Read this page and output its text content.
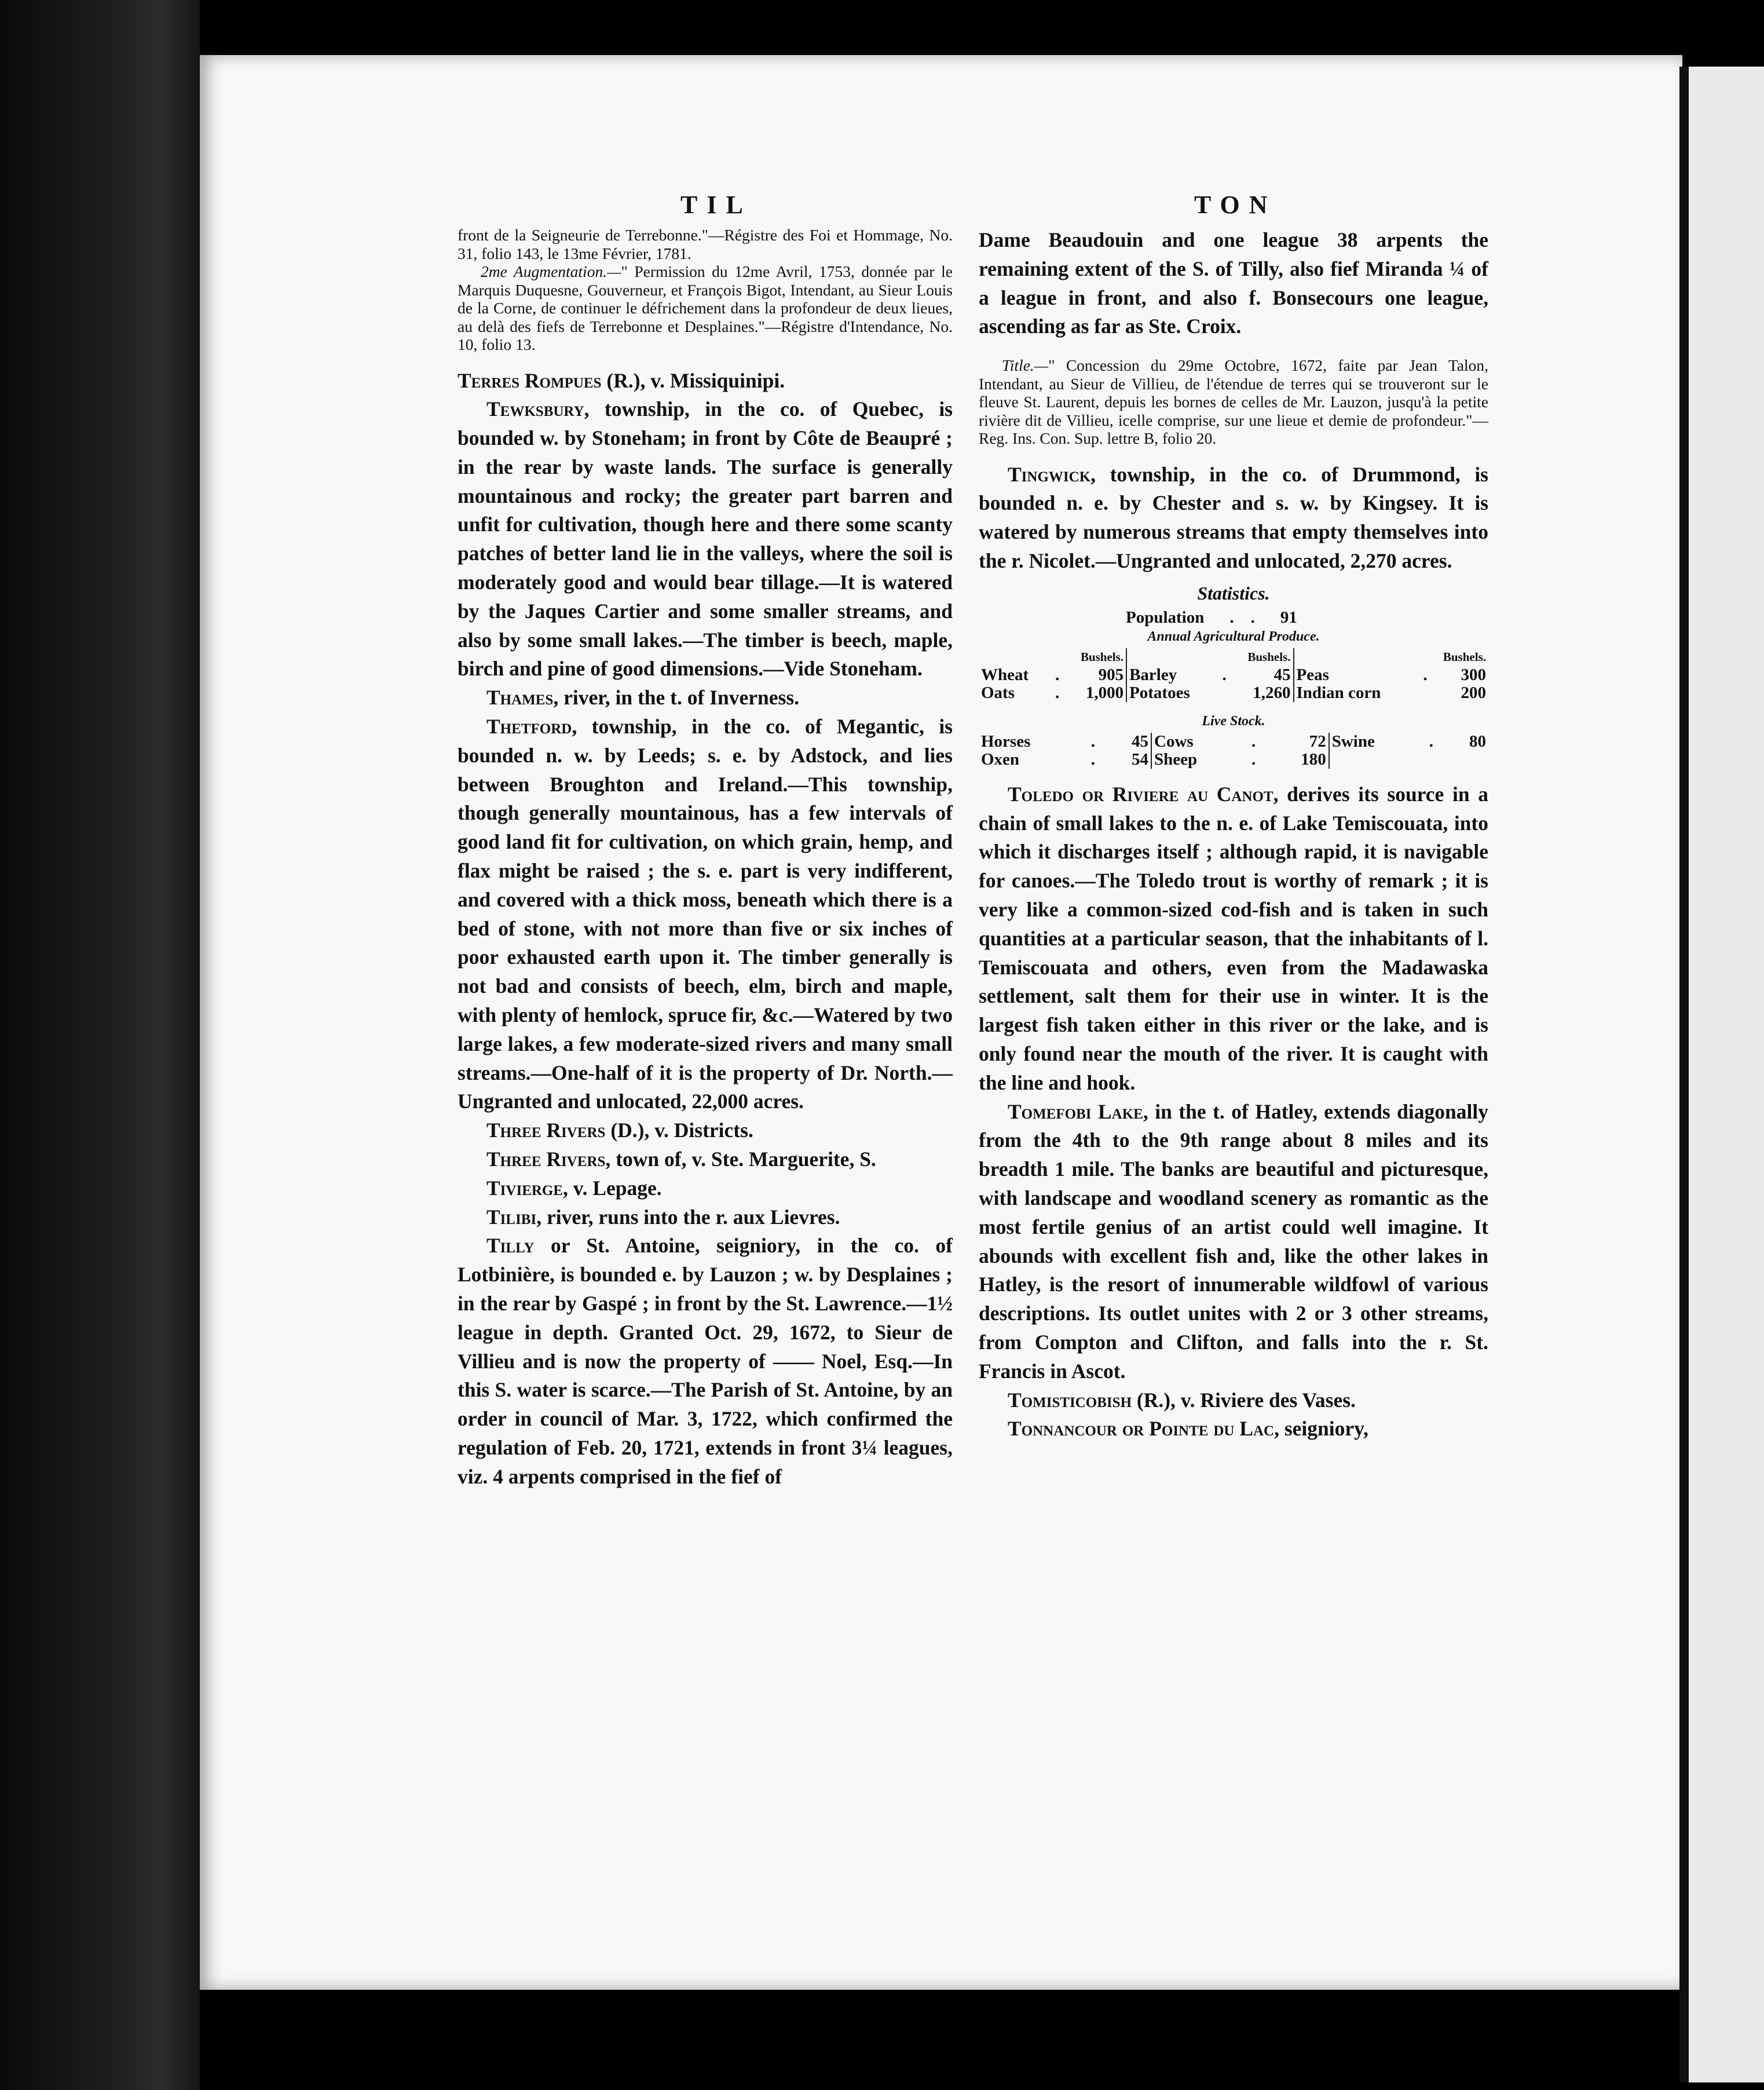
TIL	TON

front de la Seigneurie de Terrebonne."—Régistre des Foi et Hommage, No. 31, folio 143, le 13me Février, 1781.

2me Augmentation.—" Permission du 12me Avril, 1753, donnée par le Marquis Duquesne, Gouverneur, et François Bigot, Intendant, au Sieur Louis de la Corne, de continuer le défrichement dans la profondeur de deux lieues, au delà des fiefs de Terrebonne et Desplaines."—Régistre d'Intendance, No. 10, folio 13.

Terres Rompues (R.), v. Missiquinipi.

Tewksbury, township, in the co. of Quebec, is bounded w. by Stoneham; in front by Côte de Beaupré ; in the rear by waste lands. The surface is generally mountainous and rocky; the greater part barren and unfit for cultivation, though here and there some scanty patches of better land lie in the valleys, where the soil is moderately good and would bear tillage.—It is watered by the Jaques Cartier and some smaller streams, and also by some small lakes.—The timber is beech, maple, birch and pine of good dimensions.—Vide Stoneham.

Thames, river, in the t. of Inverness.

Thetford, township, in the co. of Megantic, is bounded n. w. by Leeds; s. e. by Adstock, and lies between Broughton and Ireland.—This township, though generally mountainous, has a few intervals of good land fit for cultivation, on which grain, hemp, and flax might be raised ; the s. e. part is very indifferent, and covered with a thick moss, beneath which there is a bed of stone, with not more than five or six inches of poor exhausted earth upon it. The timber generally is not bad and consists of beech, elm, birch and maple, with plenty of hemlock, spruce fir, &c.—Watered by two large lakes, a few moderate-sized rivers and many small streams.—One-half of it is the property of Dr. North.—Ungranted and unlocated, 22,000 acres.

Three Rivers (D.), v. Districts.

Three Rivers, town of, v. Ste. Marguerite, S.

Tivierge, v. Lepage.

Tilibi, river, runs into the r. aux Lievres.

Tilly or St. Antoine, seigniory, in the co. of Lotbinière, is bounded e. by Lauzon ; w. by Desplaines ; in the rear by Gaspé ; in front by the St. Lawrence.—1½ league in depth. Granted Oct. 29, 1672, to Sieur de Villieu and is now the property of —— Noel, Esq.—In this S. water is scarce.—The Parish of St. Antoine, by an order in council of Mar. 3, 1722, which confirmed the regulation of Feb. 20, 1721, extends in front 3¼ leagues, viz. 4 arpents comprised in the fief of

Dame Beaudouin and one league 38 arpents the remaining extent of the S. of Tilly, also fief Miranda ¼ of a league in front, and also f. Bonsecours one league, ascending as far as Ste. Croix.

Title.—" Concession du 29me Octobre, 1672, faite par Jean Talon, Intendant, au Sieur de Villieu, de l'étendue de terres qui se trouveront sur le fleuve St. Laurent, depuis les bornes de celles de Mr. Lauzon, jusqu'à la petite rivière dit de Villieu, icelle comprise, sur une lieue et demie de profondeur."—Reg. Ins. Con. Sup. lettre B, folio 20.

Tingwick, township, in the co. of Drummond, is bounded n. e. by Chester and s. w. by Kingsey. It is watered by numerous streams that empty themselves into the r. Nicolet.—Ungranted and unlocated, 2,270 acres.

Statistics.
Population	.    .	91
Annual Agricultural Produce.
	Bushels.			Bushels.			Bushels.	
Wheat	.	905	Barley	.	45	Peas	.	300
Oats	.	1,000	Potatoes		1,260	Indian corn		200
Live Stock.
Horses	.	45	Cows	.	72	Swine	.	80
Oxen	.	54	Sheep	.	180			

Toledo or Riviere au Canot, derives its source in a chain of small lakes to the n. e. of Lake Temiscouata, into which it discharges itself ; although rapid, it is navigable for canoes.—The Toledo trout is worthy of remark ; it is very like a common-sized cod-fish and is taken in such quantities at a particular season, that the inhabitants of l. Temiscouata and others, even from the Madawaska settlement, salt them for their use in winter. It is the largest fish taken either in this river or the lake, and is only found near the mouth of the river. It is caught with the line and hook.

Tomefobi Lake, in the t. of Hatley, extends diagonally from the 4th to the 9th range about 8 miles and its breadth 1 mile. The banks are beautiful and picturesque, with landscape and woodland scenery as romantic as the most fertile genius of an artist could well imagine. It abounds with excellent fish and, like the other lakes in Hatley, is the resort of innumerable wildfowl of various descriptions. Its outlet unites with 2 or 3 other streams, from Compton and Clifton, and falls into the r. St. Francis in Ascot.

Tomisticobish (R.), v. Riviere des Vases.

Tonnancour or Pointe du Lac, seigniory,
